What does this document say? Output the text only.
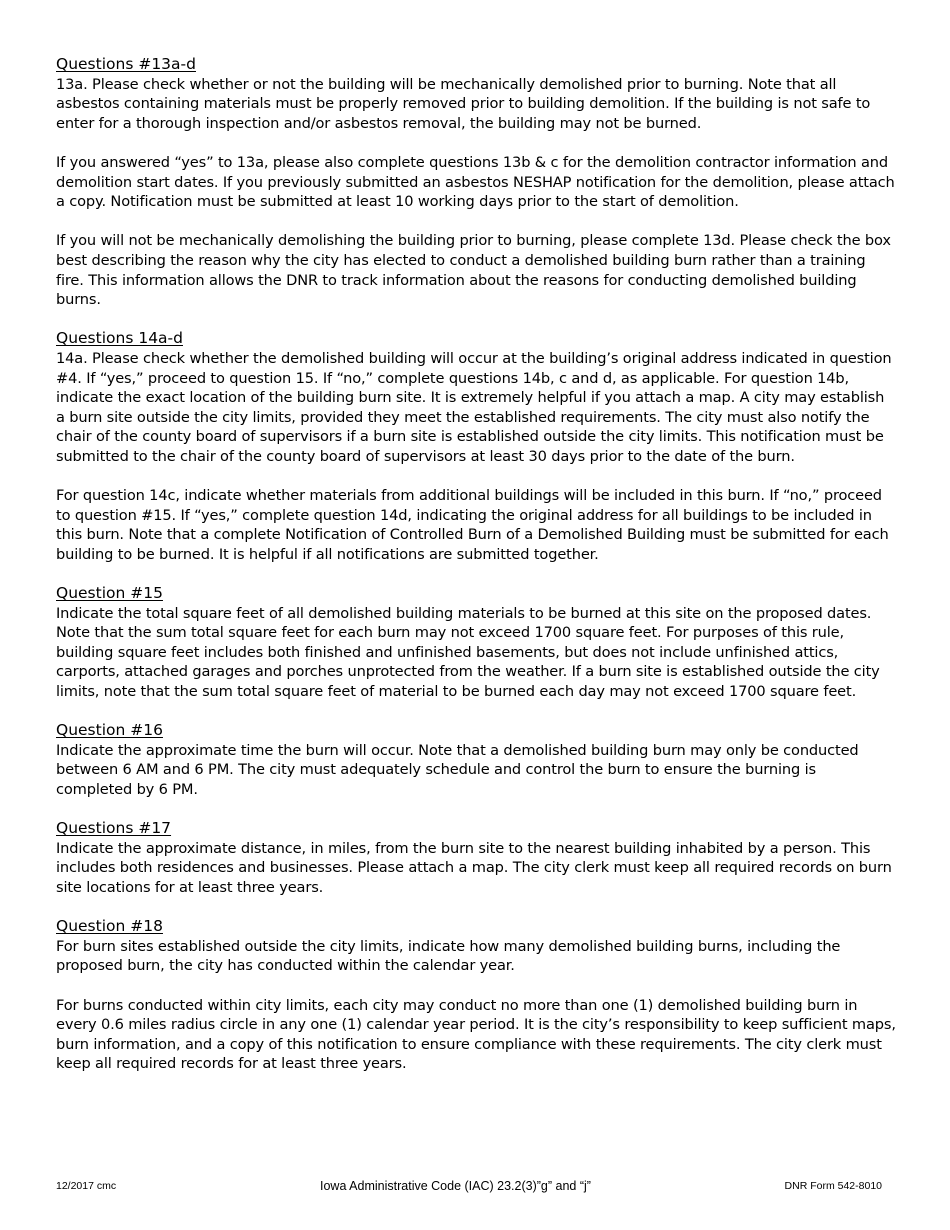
Questions #13a-d

13a. Please check whether or not the building will be mechanically demolished prior to burning. Note that all asbestos containing materials must be properly removed prior to building demolition. If the building is not safe to enter for a thorough inspection and/or asbestos removal, the building may not be burned.

If you answered “yes” to 13a, please also complete questions 13b & c for the demolition contractor information and demolition start dates. If you previously submitted an asbestos NESHAP notification for the demolition, please attach a copy. Notification must be submitted at least 10 working days prior to the start of demolition.

If you will not be mechanically demolishing the building prior to burning, please complete 13d. Please check the box best describing the reason why the city has elected to conduct a demolished building burn rather than a training fire. This information allows the DNR to track information about the reasons for conducting demolished building burns.

Questions 14a-d

14a. Please check whether the demolished building will occur at the building’s original address indicated in question #4. If “yes,” proceed to question 15. If “no,” complete questions 14b, c and d, as applicable. For question 14b, indicate the exact location of the building burn site. It is extremely helpful if you attach a map. A city may establish a burn site outside the city limits, provided they meet the established requirements. The city must also notify the chair of the county board of supervisors if a burn site is established outside the city limits. This notification must be submitted to the chair of the county board of supervisors at least 30 days prior to the date of the burn.

For question 14c, indicate whether materials from additional buildings will be included in this burn. If “no,” proceed to question #15. If “yes,” complete question 14d, indicating the original address for all buildings to be included in this burn. Note that a complete Notification of Controlled Burn of a Demolished Building must be submitted for each building to be burned. It is helpful if all notifications are submitted together.

Question #15

Indicate the total square feet of all demolished building materials to be burned at this site on the proposed dates. Note that the sum total square feet for each burn may not exceed 1700 square feet. For purposes of this rule, building square feet includes both finished and unfinished basements, but does not include unfinished attics, carports, attached garages and porches unprotected from the weather. If a burn site is established outside the city limits, note that the sum total square feet of material to be burned each day may not exceed 1700 square feet.

Question #16

Indicate the approximate time the burn will occur. Note that a demolished building burn may only be conducted between 6 AM and 6 PM. The city must adequately schedule and control the burn to ensure the burning is completed by 6 PM.

Questions #17

Indicate the approximate distance, in miles, from the burn site to the nearest building inhabited by a person. This includes both residences and businesses. Please attach a map. The city clerk must keep all required records on burn site locations for at least three years.

Question #18

For burn sites established outside the city limits, indicate how many demolished building burns, including the proposed burn, the city has conducted within the calendar year.

For burns conducted within city limits, each city may conduct no more than one (1) demolished building burn in every 0.6 miles radius circle in any one (1) calendar year period. It is the city’s responsibility to keep sufficient maps, burn information, and a copy of this notification to ensure compliance with these requirements. The city clerk must keep all required records for at least three years.

12/2017 cmc	Iowa Administrative Code (IAC) 23.2(3)”g” and “j”	DNR Form 542-8010
